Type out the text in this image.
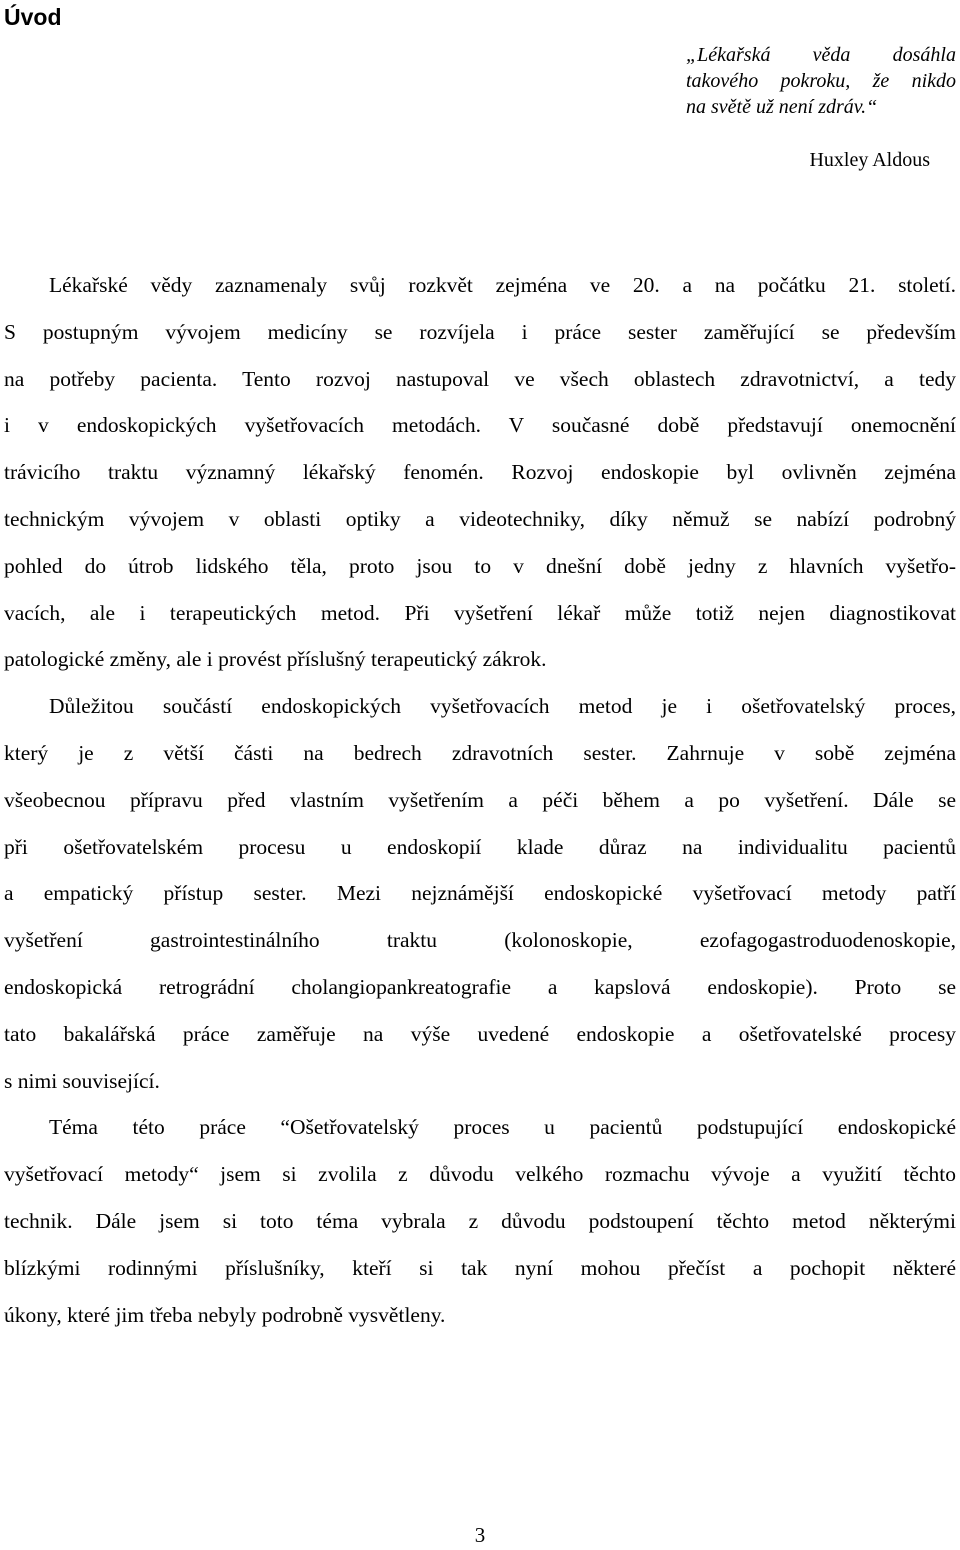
Úvod
„Lékařská věda dosáhla
takového pokroku, že nikdo
na světě už není zdráv.“

Huxley Aldous

Lékařské vědy zaznamenaly svůj rozkvět zejména ve 20. a na počátku 21. století.
S postupným vývojem medicíny se rozvíjela i práce sester zaměřující se především
na potřeby pacienta. Tento rozvoj nastupoval ve všech oblastech zdravotnictví, a tedy
i v endoskopických vyšetřovacích metodách. V současné době představují onemocnění
trávicího traktu významný lékařský fenomén. Rozvoj endoskopie byl ovlivněn zejména
technickým vývojem v oblasti optiky a videotechniky, díky němuž se nabízí podrobný
pohled do útrob lidského těla, proto jsou to v dnešní době jedny z hlavních vyšetřo-
vacích, ale i terapeutických metod. Při vyšetření lékař může totiž nejen diagnostikovat
patologické změny, ale i provést příslušný terapeutický zákrok.
Důležitou součástí endoskopických vyšetřovacích metod je i ošetřovatelský proces,
který je z větší části na bedrech zdravotních sester. Zahrnuje v sobě zejména
všeobecnou přípravu před vlastním vyšetřením a péči během a po vyšetření. Dále se
při ošetřovatelském procesu u endoskopií klade důraz na individualitu pacientů
a empatický přístup sester. Mezi nejznámější endoskopické vyšetřovací metody patří
vyšetření gastrointestinálního traktu (kolonoskopie, ezofagogastroduodenoskopie,
endoskopická retrográdní cholangiopankreatografie a kapslová endoskopie). Proto se
tato bakalářská práce zaměřuje na výše uvedené endoskopie a ošetřovatelské procesy
s nimi související.
Téma této práce “Ošetřovatelský proces u pacientů podstupující endoskopické
vyšetřovací metody“ jsem si zvolila z důvodu velkého rozmachu vývoje a využití těchto
technik. Dále jsem si toto téma vybrala z důvodu podstoupení těchto metod některými
blízkými rodinnými příslušníky, kteří si tak nyní mohou přečíst a pochopit některé
úkony, které jim třeba nebyly podrobně vysvětleny.

3
